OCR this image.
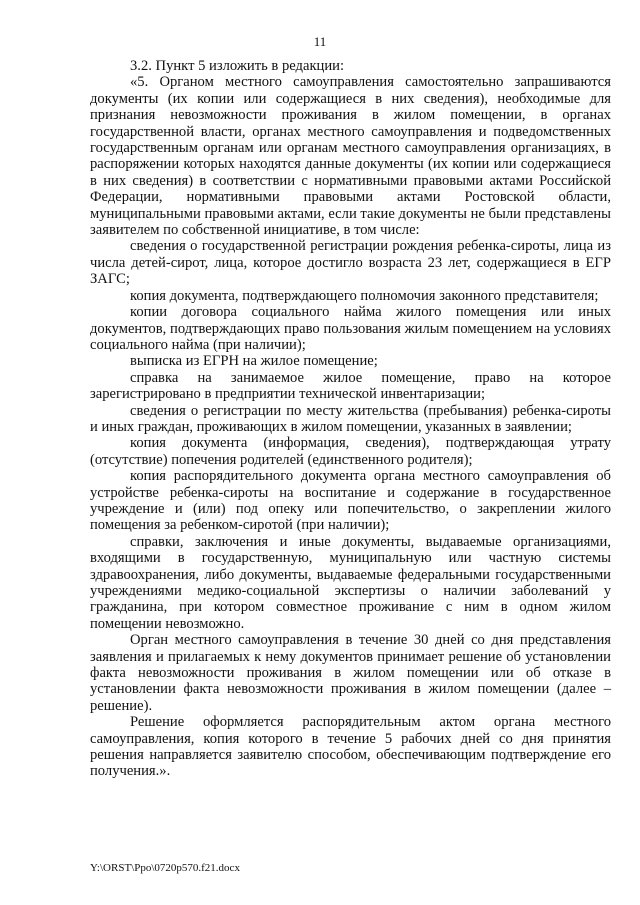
11

3.2. Пункт 5 изложить в редакции:

«5. Органом местного самоуправления самостоятельно запрашиваются документы (их копии или содержащиеся в них сведения), необходимые для признания невозможности проживания в жилом помещении, в органах государственной власти, органах местного самоуправления и подведомственных государственным органам или органам местного самоуправления организациях, в распоряжении которых находятся данные документы (их копии или содержащиеся в них сведения) в соответствии с нормативными правовыми актами Российской Федерации, нормативными правовыми актами Ростовской области, муниципальными правовыми актами, если такие документы не были представлены заявителем по собственной инициативе, в том числе:

сведения о государственной регистрации рождения ребенка-сироты, лица из числа детей-сирот, лица, которое достигло возраста 23 лет, содержащиеся в ЕГР ЗАГС;

копия документа, подтверждающего полномочия законного представителя;

копии договора социального найма жилого помещения или иных документов, подтверждающих право пользования жилым помещением на условиях социального найма (при наличии);

выписка из ЕГРН на жилое помещение;

справка на занимаемое жилое помещение, право на которое зарегистрировано в предприятии технической инвентаризации;

сведения о регистрации по месту жительства (пребывания) ребенка-сироты и иных граждан, проживающих в жилом помещении, указанных в заявлении;

копия документа (информация, сведения), подтверждающая утрату (отсутствие) попечения родителей (единственного родителя);

копия распорядительного документа органа местного самоуправления об устройстве ребенка-сироты на воспитание и содержание в государственное учреждение и (или) под опеку или попечительство, о закреплении жилого помещения за ребенком-сиротой (при наличии);

справки, заключения и иные документы, выдаваемые организациями, входящими в государственную, муниципальную или частную системы здравоохранения, либо документы, выдаваемые федеральными государственными учреждениями медико-социальной экспертизы о наличии заболеваний у гражданина, при котором совместное проживание с ним в одном жилом помещении невозможно.

Орган местного самоуправления в течение 30 дней со дня представления заявления и прилагаемых к нему документов принимает решение об установлении факта невозможности проживания в жилом помещении или об отказе в установлении факта невозможности проживания в жилом помещении (далее – решение).

Решение оформляется распорядительным актом органа местного самоуправления, копия которого в течение 5 рабочих дней со дня принятия решения направляется заявителю способом, обеспечивающим подтверждение его получения.».

Y:\ORST\Ppo\0720p570.f21.docx
